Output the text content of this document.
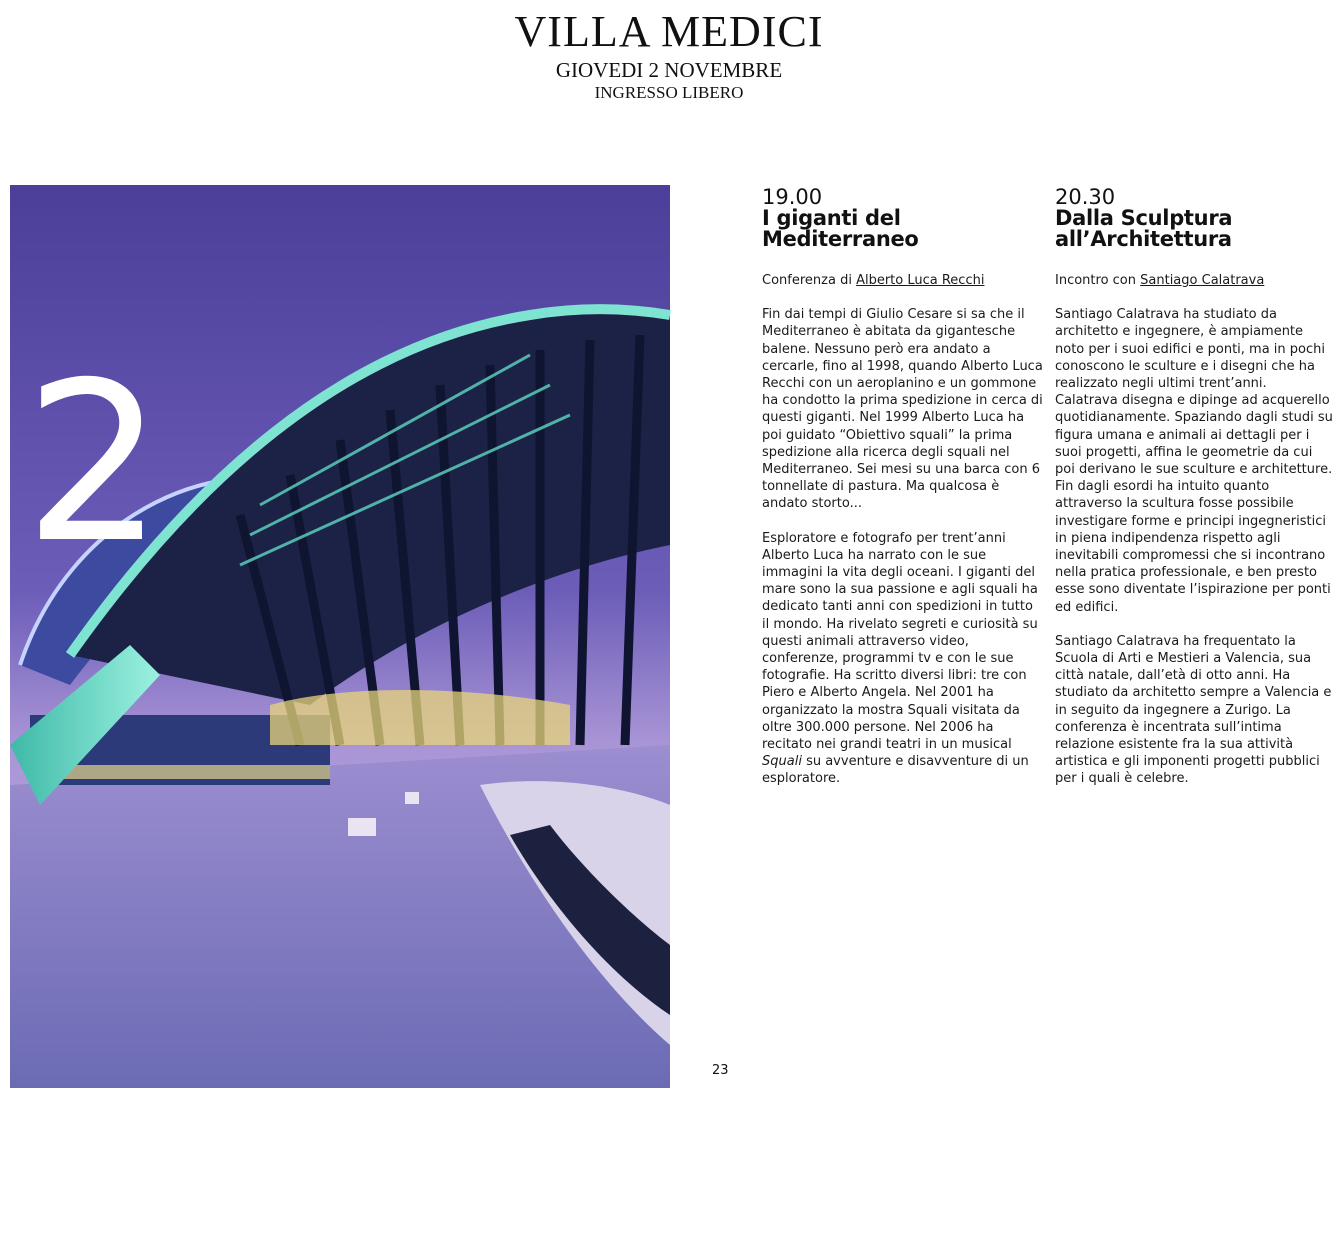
VILLA MEDICI
GIOVEDI 2 NOVEMBRE
INGRESSO LIBERO
2
nov
19.00
I giganti del
Mediterraneo
Conferenza di Alberto Luca Recchi

Fin dai tempi di Giulio Cesare si sa che il Mediterraneo è abitata da gigantesche balene. Nessuno però era andato a cercarle, fino al 1998, quando Alberto Luca Recchi con un aeroplanino e un gommone ha condotto la prima spedizione in cerca di questi giganti. Nel 1999 Alberto Luca ha poi guidato “Obiettivo squali” la prima spedizione alla ricerca degli squali nel Mediterraneo. Sei mesi su una barca con 6 tonnellate di pastura. Ma qualcosa è andato storto...

Esploratore e fotografo per trent’anni Alberto Luca ha narrato con le sue immagini la vita degli oceani. I giganti del mare sono la sua passione e agli squali ha dedicato tanti anni con spedizioni in tutto il mondo. Ha rivelato segreti e curiosità su questi animali attraverso video, conferenze, programmi tv e con le sue fotografie. Ha scritto diversi libri: tre con Piero e Alberto Angela. Nel 2001 ha organizzato la mostra Squali visitata da oltre 300.000 persone. Nel 2006 ha recitato nei grandi teatri in un musical Squali su avventure e disavventure di un esploratore.

20.30
Dalla Sculptura
all’Architettura
Incontro con Santiago Calatrava

Santiago Calatrava ha studiato da architetto e ingegnere, è ampiamente noto per i suoi edifici e ponti, ma in pochi conoscono le sculture e i disegni che ha realizzato negli ultimi trent’anni.

Calatrava disegna e dipinge ad acquerello quotidianamente. Spaziando dagli studi su figura umana e animali ai dettagli per i suoi progetti, affina le geometrie da cui poi derivano le sue sculture e architetture. Fin dagli esordi ha intuito quanto attraverso la scultura fosse possibile investigare forme e principi ingegneristici in piena indipendenza rispetto agli inevitabili compromessi che si incontrano nella pratica professionale, e ben presto esse sono diventate l’ispirazione per ponti ed edifici.

Santiago Calatrava ha frequentato la Scuola di Arti e Mestieri a Valencia, sua città natale, dall’età di otto anni. Ha studiato da architetto sempre a Valencia e in seguito da ingegnere a Zurigo. La conferenza è incentrata sull’intima relazione esistente fra la sua attività artistica e gli imponenti progetti pubblici per i quali è celebre.

23
